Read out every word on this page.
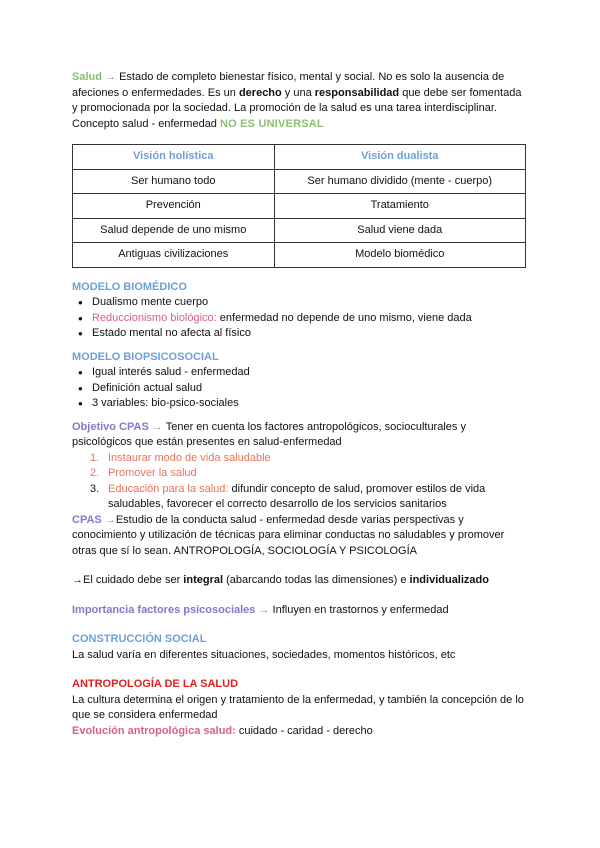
Salud → Estado de completo bienestar físico, mental y social. No es solo la ausencia de afeciones o enfermedades. Es un derecho y una responsabilidad que debe ser fomentada y promocionada por la sociedad. La promoción de la salud es una tarea interdisciplinar.

Concepto salud - enfermedad NO ES UNIVERSAL

Visión holística	Visión dualista
Ser humano todo	Ser humano dividido (mente - cuerpo)
Prevención	Tratamiento
Salud depende de uno mismo	Salud viene dada
Antiguas civilizaciones	Modelo biomédico

MODELO BIOMÉDICO

● Dualismo mente cuerpo
● Reduccionismo biológico: enfermedad no depende de uno mismo, viene dada
● Estado mental no afecta al físico

MODELO BIOPSICOSOCIAL

● Igual interés salud - enfermedad
● Definición actual salud
● 3 variables: bio-psico-sociales

Objetivo CPAS → Tener en cuenta los factores antropológicos, socioculturales y psicológicos que están presentes en salud-enfermedad

1. Instaurar modo de vida saludable
2. Promover la salud
3. Educación para la salud: difundir concepto de salud, promover estilos de vida saludables, favorecer el correcto desarrollo de los servicios sanitarios

CPAS →Estudio de la conducta salud - enfermedad desde varias perspectivas y conocimiento y utilización de técnicas para eliminar conductas no saludables y promover otras que sí lo sean. ANTROPOLOGÍA, SOCIOLOGÍA Y PSICOLOGÍA

→El cuidado debe ser integral (abarcando todas las dimensiones) e individualizado

Importancia factores psicosociales → Influyen en trastornos y enfermedad

CONSTRUCCIÓN SOCIAL

La salud varía en diferentes situaciones, sociedades, momentos históricos, etc

ANTROPOLOGÍA DE LA SALUD

La cultura determina el origen y tratamiento de la enfermedad, y también la concepción de lo que se considera enfermedad

Evolución antropológica salud: cuidado - caridad - derecho
